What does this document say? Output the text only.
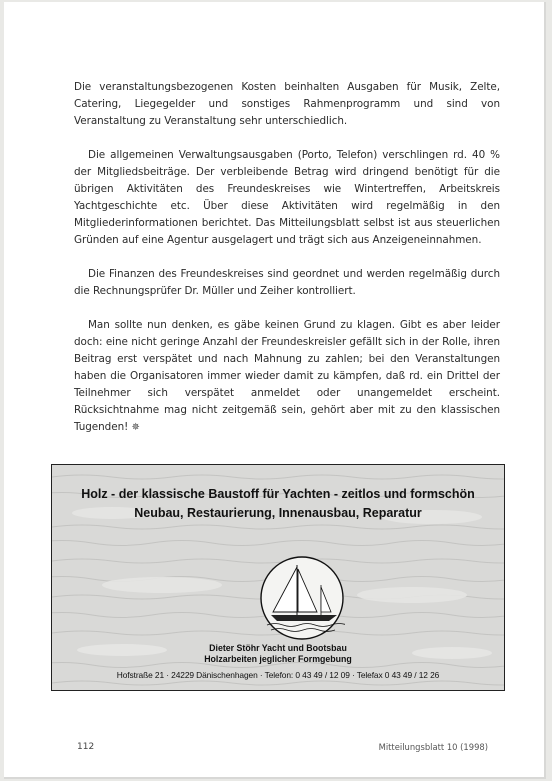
Die veranstaltungsbezogenen Kosten beinhalten Ausgaben für Musik, Zelte, Catering, Liegegelder und sonstiges Rahmenprogramm und sind von Veranstaltung zu Veranstaltung sehr unterschiedlich.

Die allgemeinen Verwaltungsausgaben (Porto, Telefon) verschlingen rd. 40 % der Mitgliedsbeiträge. Der verbleibende Betrag wird dringend benötigt für die übrigen Aktivitäten des Freundeskreises wie Wintertreffen, Arbeitskreis Yachtgeschichte etc. Über diese Aktivitäten wird regelmäßig in den Mitgliederinformationen berichtet. Das Mitteilungsblatt selbst ist aus steuerlichen Gründen auf eine Agentur ausgelagert und trägt sich aus Anzeigeneinnahmen.

Die Finanzen des Freundeskreises sind geordnet und werden regelmäßig durch die Rechnungsprüfer Dr. Müller und Zeiher kontrolliert.

Man sollte nun denken, es gäbe keinen Grund zu klagen. Gibt es aber leider doch: eine nicht geringe Anzahl der Freundeskreisler gefällt sich in der Rolle, ihren Beitrag erst verspätet und nach Mahnung zu zahlen; bei den Veranstaltungen haben die Organisatoren immer wieder damit zu kämpfen, daß rd. ein Drittel der Teilnehmer sich verspätet anmeldet oder unangemeldet erscheint. Rücksichtnahme mag nicht zeitgemäß sein, gehört aber mit zu den klassischen Tugenden! ✵

Holz - der klassische Baustoff für Yachten - zeitlos und formschön
Neubau, Restaurierung, Innenausbau, Reparatur
Dieter Stöhr Yacht und Bootsbau
Holzarbeiten jeglicher Formgebung
Hofstraße 21 · 24229 Dänischenhagen · Telefon: 0 43 49 / 12 09 · Telefax 0 43 49 / 12 26
112	Mitteilungsblatt 10 (1998)
